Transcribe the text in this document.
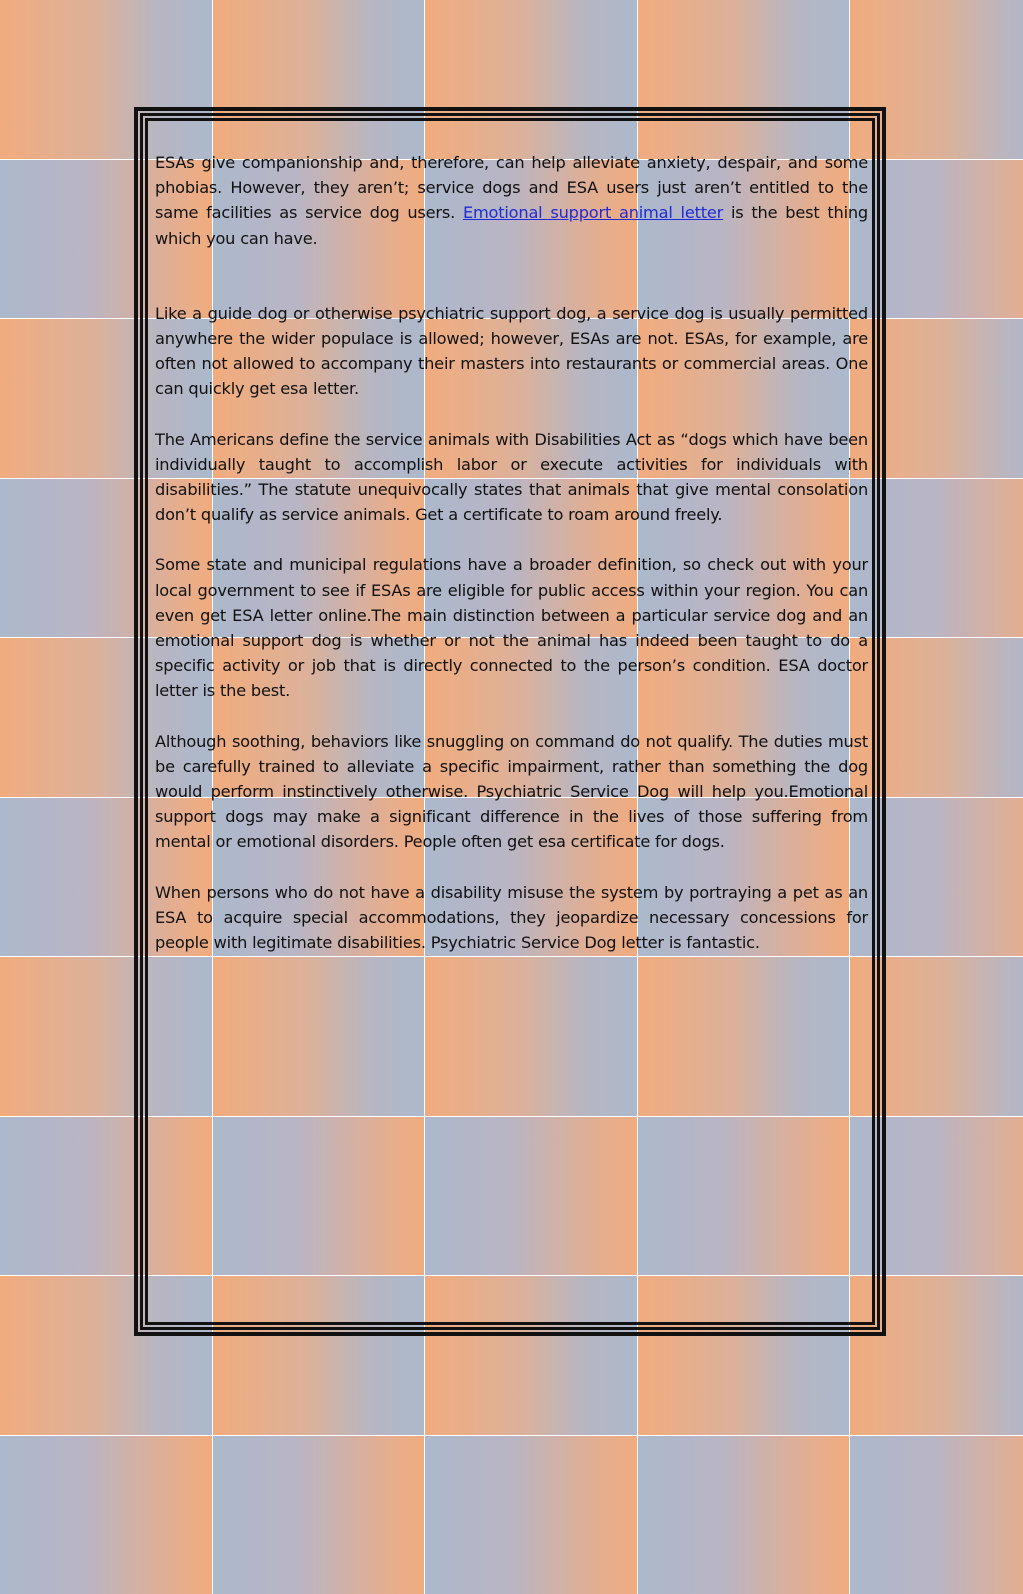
ESAs give companionship and, therefore, can help alleviate anxiety, despair, and some phobias. However, they aren’t; service dogs and ESA users just aren’t entitled to the same facilities as service dog users. Emotional support animal letter is the best thing which you can have.

Like a guide dog or otherwise psychiatric support dog, a service dog is usually permitted anywhere the wider populace is allowed; however, ESAs are not. ESAs, for example, are often not allowed to accompany their masters into restaurants or commercial areas. One can quickly get esa letter.

The Americans define the service animals with Disabilities Act as “dogs which have been individually taught to accomplish labor or execute activities for individuals with disabilities.” The statute unequivocally states that animals that give mental consolation don’t qualify as service animals. Get a certificate to roam around freely.

Some state and municipal regulations have a broader definition, so check out with your local government to see if ESAs are eligible for public access within your region. You can even get ESA letter online.The main distinction between a particular service dog and an emotional support dog is whether or not the animal has indeed been taught to do a specific activity or job that is directly connected to the person’s condition. ESA doctor letter is the best.

Although soothing, behaviors like snuggling on command do not qualify. The duties must be carefully trained to alleviate a specific impairment, rather than something the dog would perform instinctively otherwise. Psychiatric Service Dog will help you.Emotional support dogs may make a significant difference in the lives of those suffering from mental or emotional disorders. People often get esa certificate for dogs.

When persons who do not have a disability misuse the system by portraying a pet as an ESA to acquire special accommodations, they jeopardize necessary concessions for people with legitimate disabilities. Psychiatric Service Dog letter is fantastic.
